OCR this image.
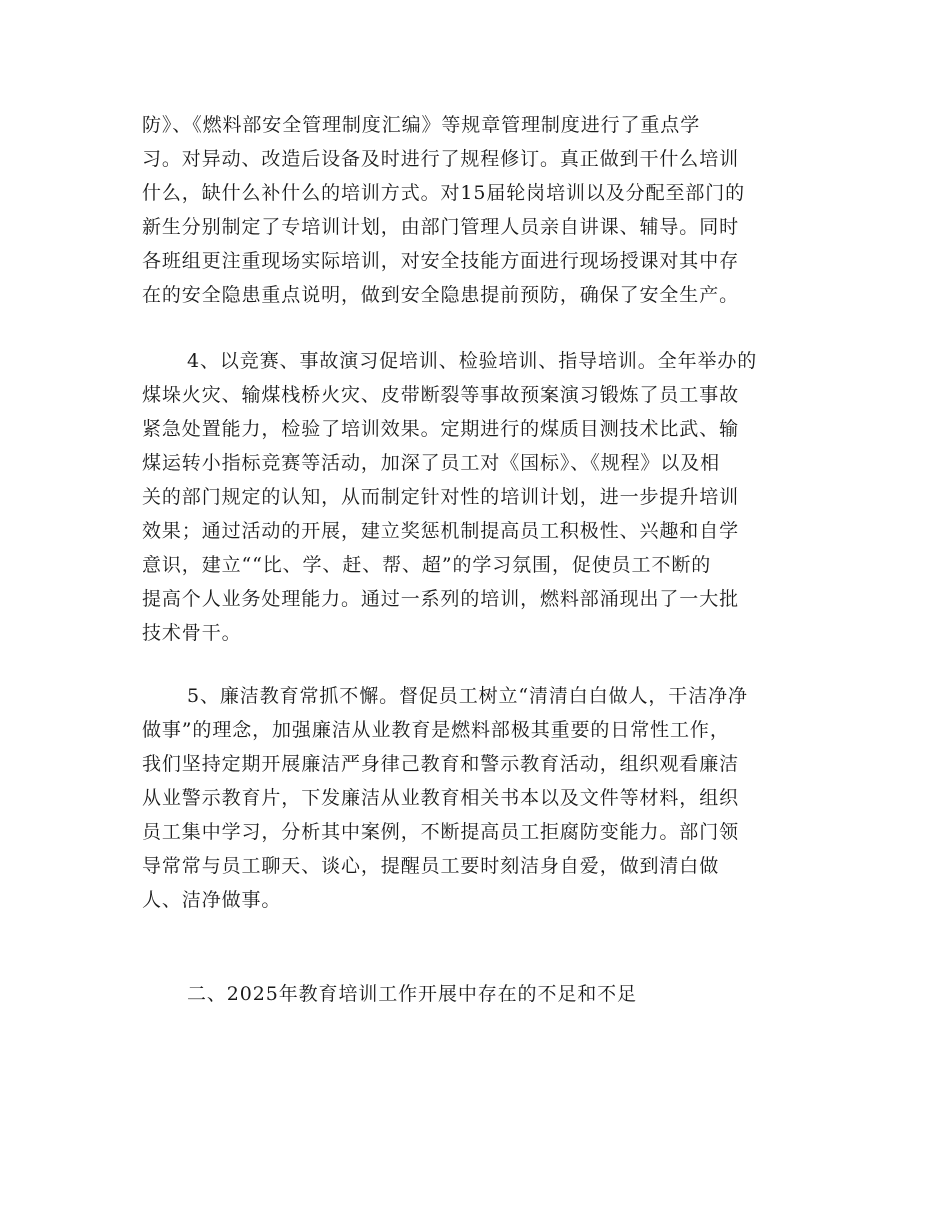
防》、《燃料部安全管理制度汇编》等规章管理制度进行了重点学
习。对异动、改造后设备及时进行了规程修订。真正做到干什么培训
什么，缺什么补什么的培训方式。对15届轮岗培训以及分配至部门的
新生分别制定了专培训计划，由部门管理人员亲自讲课、辅导。同时
各班组更注重现场实际培训，对安全技能方面进行现场授课对其中存
在的安全隐患重点说明，做到安全隐患提前预防，确保了安全生产。
4、以竞赛、事故演习促培训、检验培训、指导培训。全年举办的
煤垛火灾、输煤栈桥火灾、皮带断裂等事故预案演习锻炼了员工事故
紧急处置能力，检验了培训效果。定期进行的煤质目测技术比武、输
煤运转小指标竞赛等活动，加深了员工对《国标》、《规程》以及相
关的部门规定的认知，从而制定针对性的培训计划，进一步提升培训
效果；通过活动的开展，建立奖惩机制提高员工积极性、兴趣和自学
意识，建立““比、学、赶、帮、超”的学习氛围，促使员工不断的
提高个人业务处理能力。通过一系列的培训，燃料部涌现出了一大批
技术骨干。
5、廉洁教育常抓不懈。督促员工树立“清清白白做人，干洁净净
做事”的理念，加强廉洁从业教育是燃料部极其重要的日常性工作，
我们坚持定期开展廉洁严身律己教育和警示教育活动，组织观看廉洁
从业警示教育片，下发廉洁从业教育相关书本以及文件等材料，组织
员工集中学习，分析其中案例，不断提高员工拒腐防变能力。部门领
导常常与员工聊天、谈心，提醒员工要时刻洁身自爱，做到清白做
人、洁净做事。
二、2025年教育培训工作开展中存在的不足和不足
